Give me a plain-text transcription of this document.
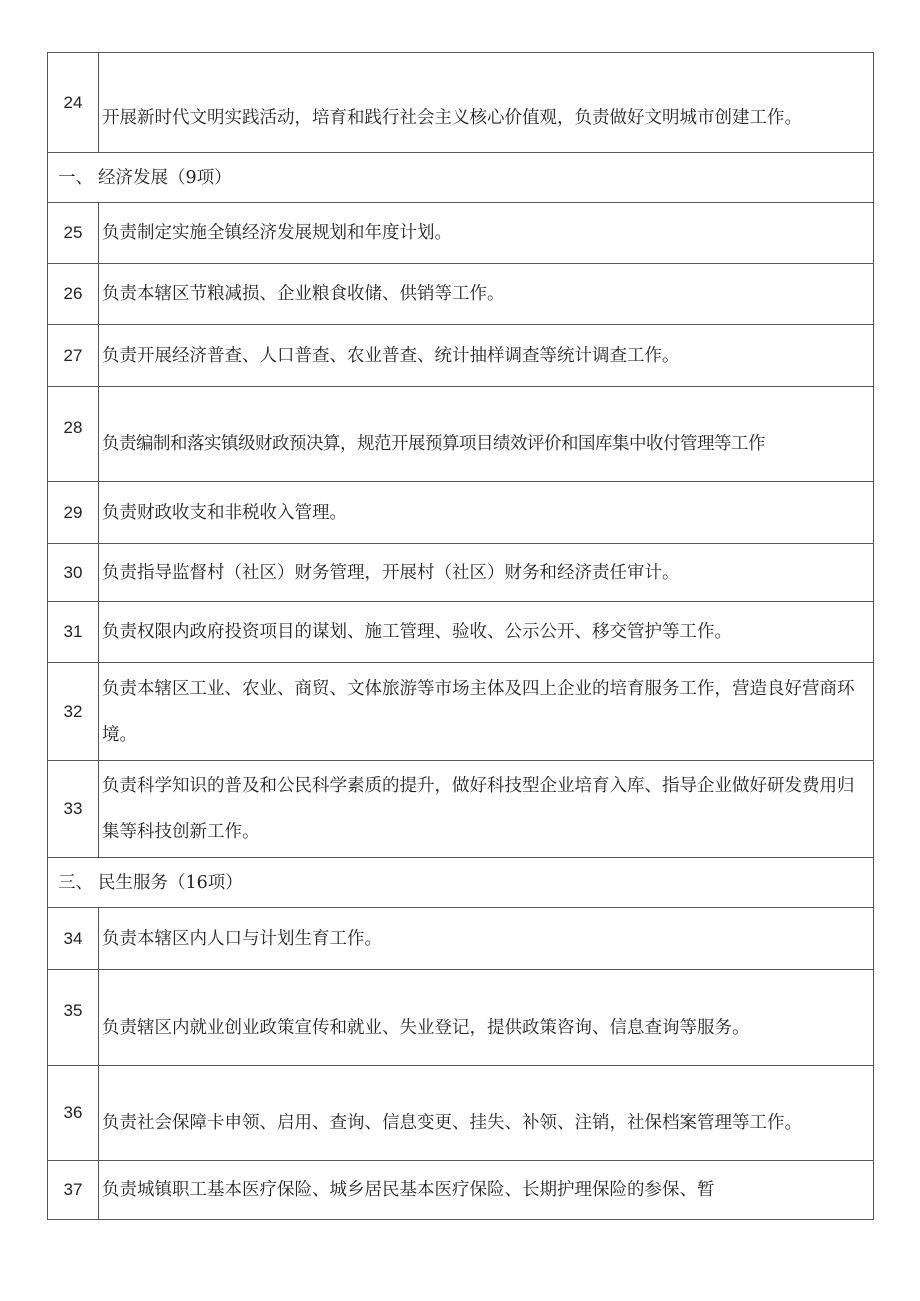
24	开展新时代文明实践活动，培育和践行社会主义核心价值观，负责做好文明城市创建工作。
一、 经济发展（9项）	
25	负责制定实施全镇经济发展规划和年度计划。
26	负责本辖区节粮减损、企业粮食收储、供销等工作。
27	负责开展经济普查、人口普查、农业普查、统计抽样调查等统计调查工作。
28	负责编制和落实镇级财政预决算，规范开展预算项目绩效评价和国库集中收付管理等工作
29	负责财政收支和非税收入管理。
30	负责指导监督村（社区）财务管理，开展村（社区）财务和经济责任审计。
31	负责权限内政府投资项目的谋划、施工管理、验收、公示公开、移交管护等工作。
32	负责本辖区工业、农业、商贸、文体旅游等市场主体及四上企业的培育服务工作，营造良好营商环境。
33	负责科学知识的普及和公民科学素质的提升，做好科技型企业培育入库、指导企业做好研发费用归集等科技创新工作。
三、 民生服务（16项）	
34	负责本辖区内人口与计划生育工作。
35	负责辖区内就业创业政策宣传和就业、失业登记，提供政策咨询、信息查询等服务。
36	负责社会保障卡申领、启用、查询、信息变更、挂失、补领、注销，社保档案管理等工作。
37	负责城镇职工基本医疗保险、城乡居民基本医疗保险、长期护理保险的参保、暂
